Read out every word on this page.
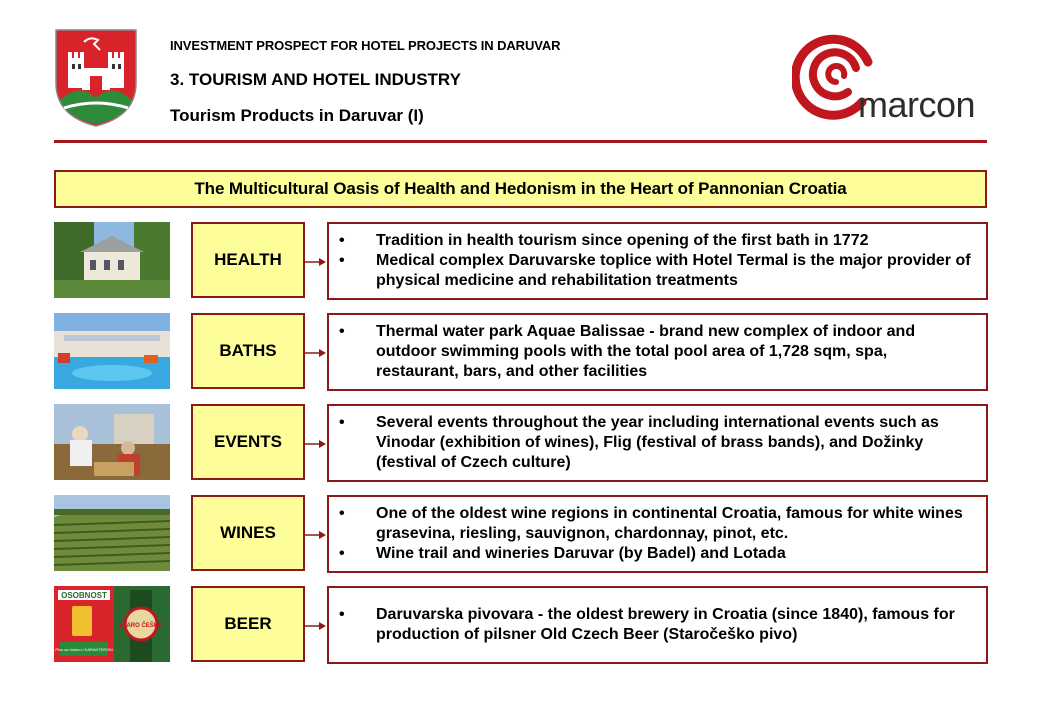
INVESTMENT PROSPECT FOR HOTEL PROJECTS IN DARUVAR
3. TOURISM AND HOTEL INDUSTRY
Tourism Products in Daruvar (I)	marcon
The Multicultural Oasis of Health and Hedonism in the Heart of Pannonian Croatia
HEALTH
•	Tradition in health tourism since opening of the first bath in 1772
•	Medical complex Daruvarske toplice with Hotel Termal is the major provider of physical medicine and rehabilitation treatments
BATHS
•	Thermal water park Aquae Balissae - brand new complex of indoor and outdoor swimming pools with the total pool area of 1,728 sqm, spa, restaurant, bars, and other facilities
EVENTS
•	Several events throughout the year including international events such as Vinodar (exhibition of wines), Flig (festival of brass bands), and Dožinky (festival of Czech culture)
WINES
•	One of the oldest wine regions in continental Croatia, famous for white wines grasevina, riesling, sauvignon, chardonnay, pinot, etc.
•	Wine trail and wineries Daruvar (by Badel) and Lotada
OSOBNOST
Pivo sa dušom i KARAKTEROM
STARO ČEŠKO	BEER	•	Daruvarska pivovara - the oldest brewery in Croatia (since 1840), famous for production of pilsner Old Czech Beer (Staročeško pivo)
